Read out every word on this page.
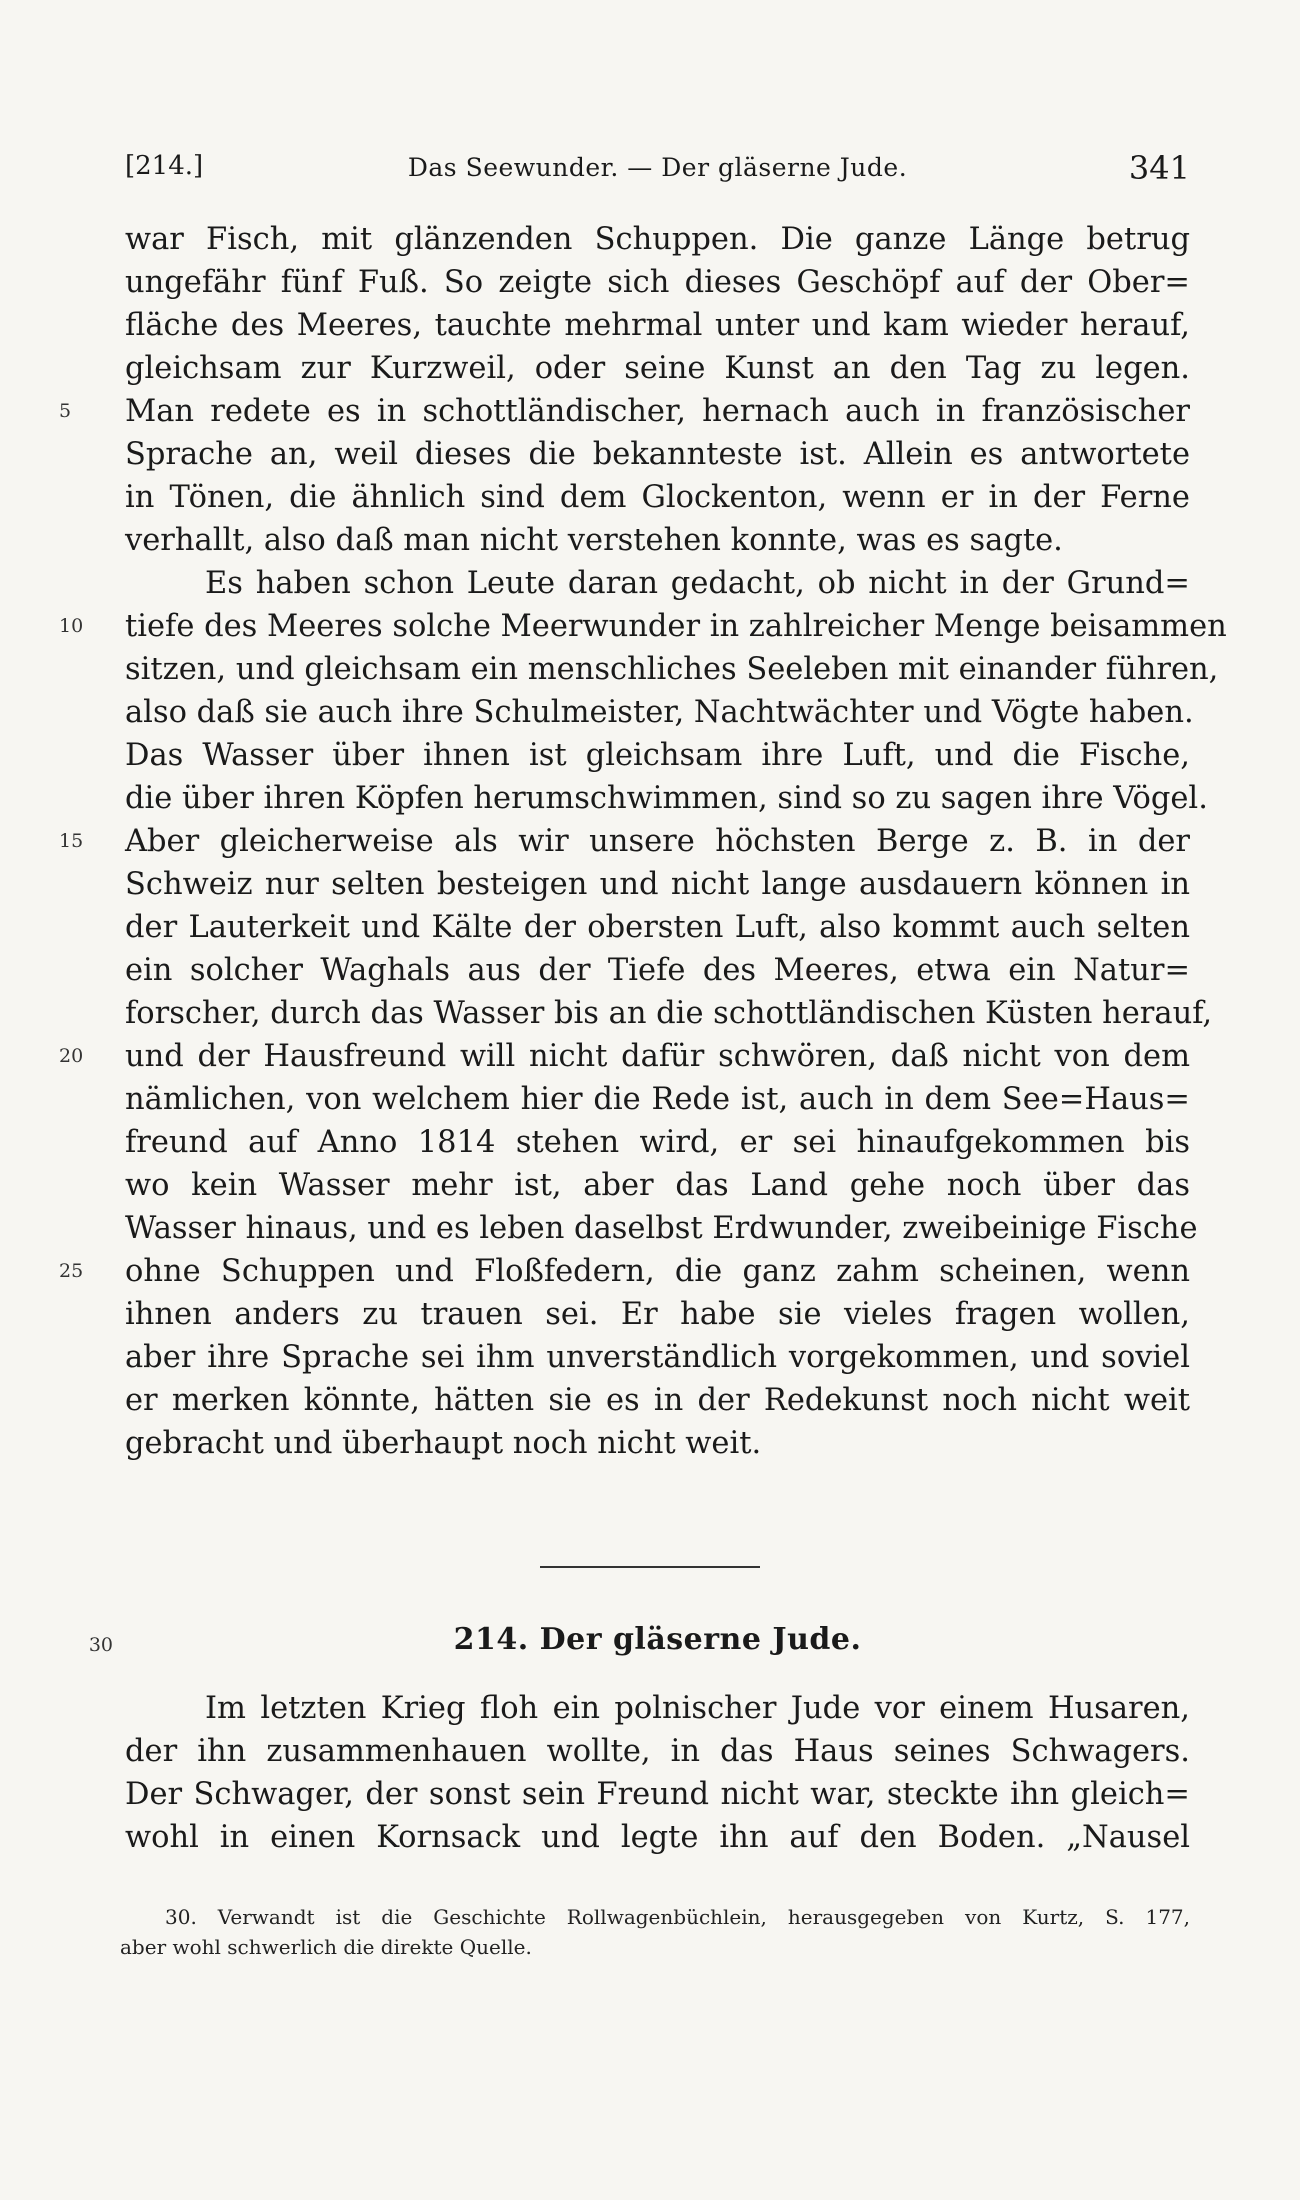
[214.]	Das Seewunder. — Der gläserne Jude.	341
war Fisch, mit glänzenden Schuppen. Die ganze Länge betrug
ungefähr fünf Fuß. So zeigte sich dieses Geschöpf auf der Ober=
fläche des Meeres, tauchte mehrmal unter und kam wieder herauf,
gleichsam zur Kurzweil, oder seine Kunst an den Tag zu legen.
5	Man redete es in schottländischer, hernach auch in französischer
Sprache an, weil dieses die bekannteste ist. Allein es antwortete
in Tönen, die ähnlich sind dem Glockenton, wenn er in der Ferne
verhallt, also daß man nicht verstehen konnte, was es sagte.
Es haben schon Leute daran gedacht, ob nicht in der Grund=
10	tiefe des Meeres solche Meerwunder in zahlreicher Menge beisammen
sitzen, und gleichsam ein menschliches Seeleben mit einander führen,
also daß sie auch ihre Schulmeister, Nachtwächter und Vögte haben.
Das Wasser über ihnen ist gleichsam ihre Luft, und die Fische,
die über ihren Köpfen herumschwimmen, sind so zu sagen ihre Vögel.
15	Aber gleicherweise als wir unsere höchsten Berge z. B. in der
Schweiz nur selten besteigen und nicht lange ausdauern können in
der Lauterkeit und Kälte der obersten Luft, also kommt auch selten
ein solcher Waghals aus der Tiefe des Meeres, etwa ein Natur=
forscher, durch das Wasser bis an die schottländischen Küsten herauf,
20	und der Hausfreund will nicht dafür schwören, daß nicht von dem
nämlichen, von welchem hier die Rede ist, auch in dem See=Haus=
freund auf Anno 1814 stehen wird, er sei hinaufgekommen bis
wo kein Wasser mehr ist, aber das Land gehe noch über das
Wasser hinaus, und es leben daselbst Erdwunder, zweibeinige Fische
25	ohne Schuppen und Floßfedern, die ganz zahm scheinen, wenn
ihnen anders zu trauen sei. Er habe sie vieles fragen wollen,
aber ihre Sprache sei ihm unverständlich vorgekommen, und soviel
er merken könnte, hätten sie es in der Redekunst noch nicht weit
gebracht und überhaupt noch nicht weit.
30	214. Der gläserne Jude.
Im letzten Krieg floh ein polnischer Jude vor einem Husaren,
der ihn zusammenhauen wollte, in das Haus seines Schwagers.
Der Schwager, der sonst sein Freund nicht war, steckte ihn gleich=
wohl in einen Kornsack und legte ihn auf den Boden. „Nausel
30. Verwandt ist die Geschichte Rollwagenbüchlein, herausgegeben von Kurtz, S. 177,
aber wohl schwerlich die direkte Quelle.
